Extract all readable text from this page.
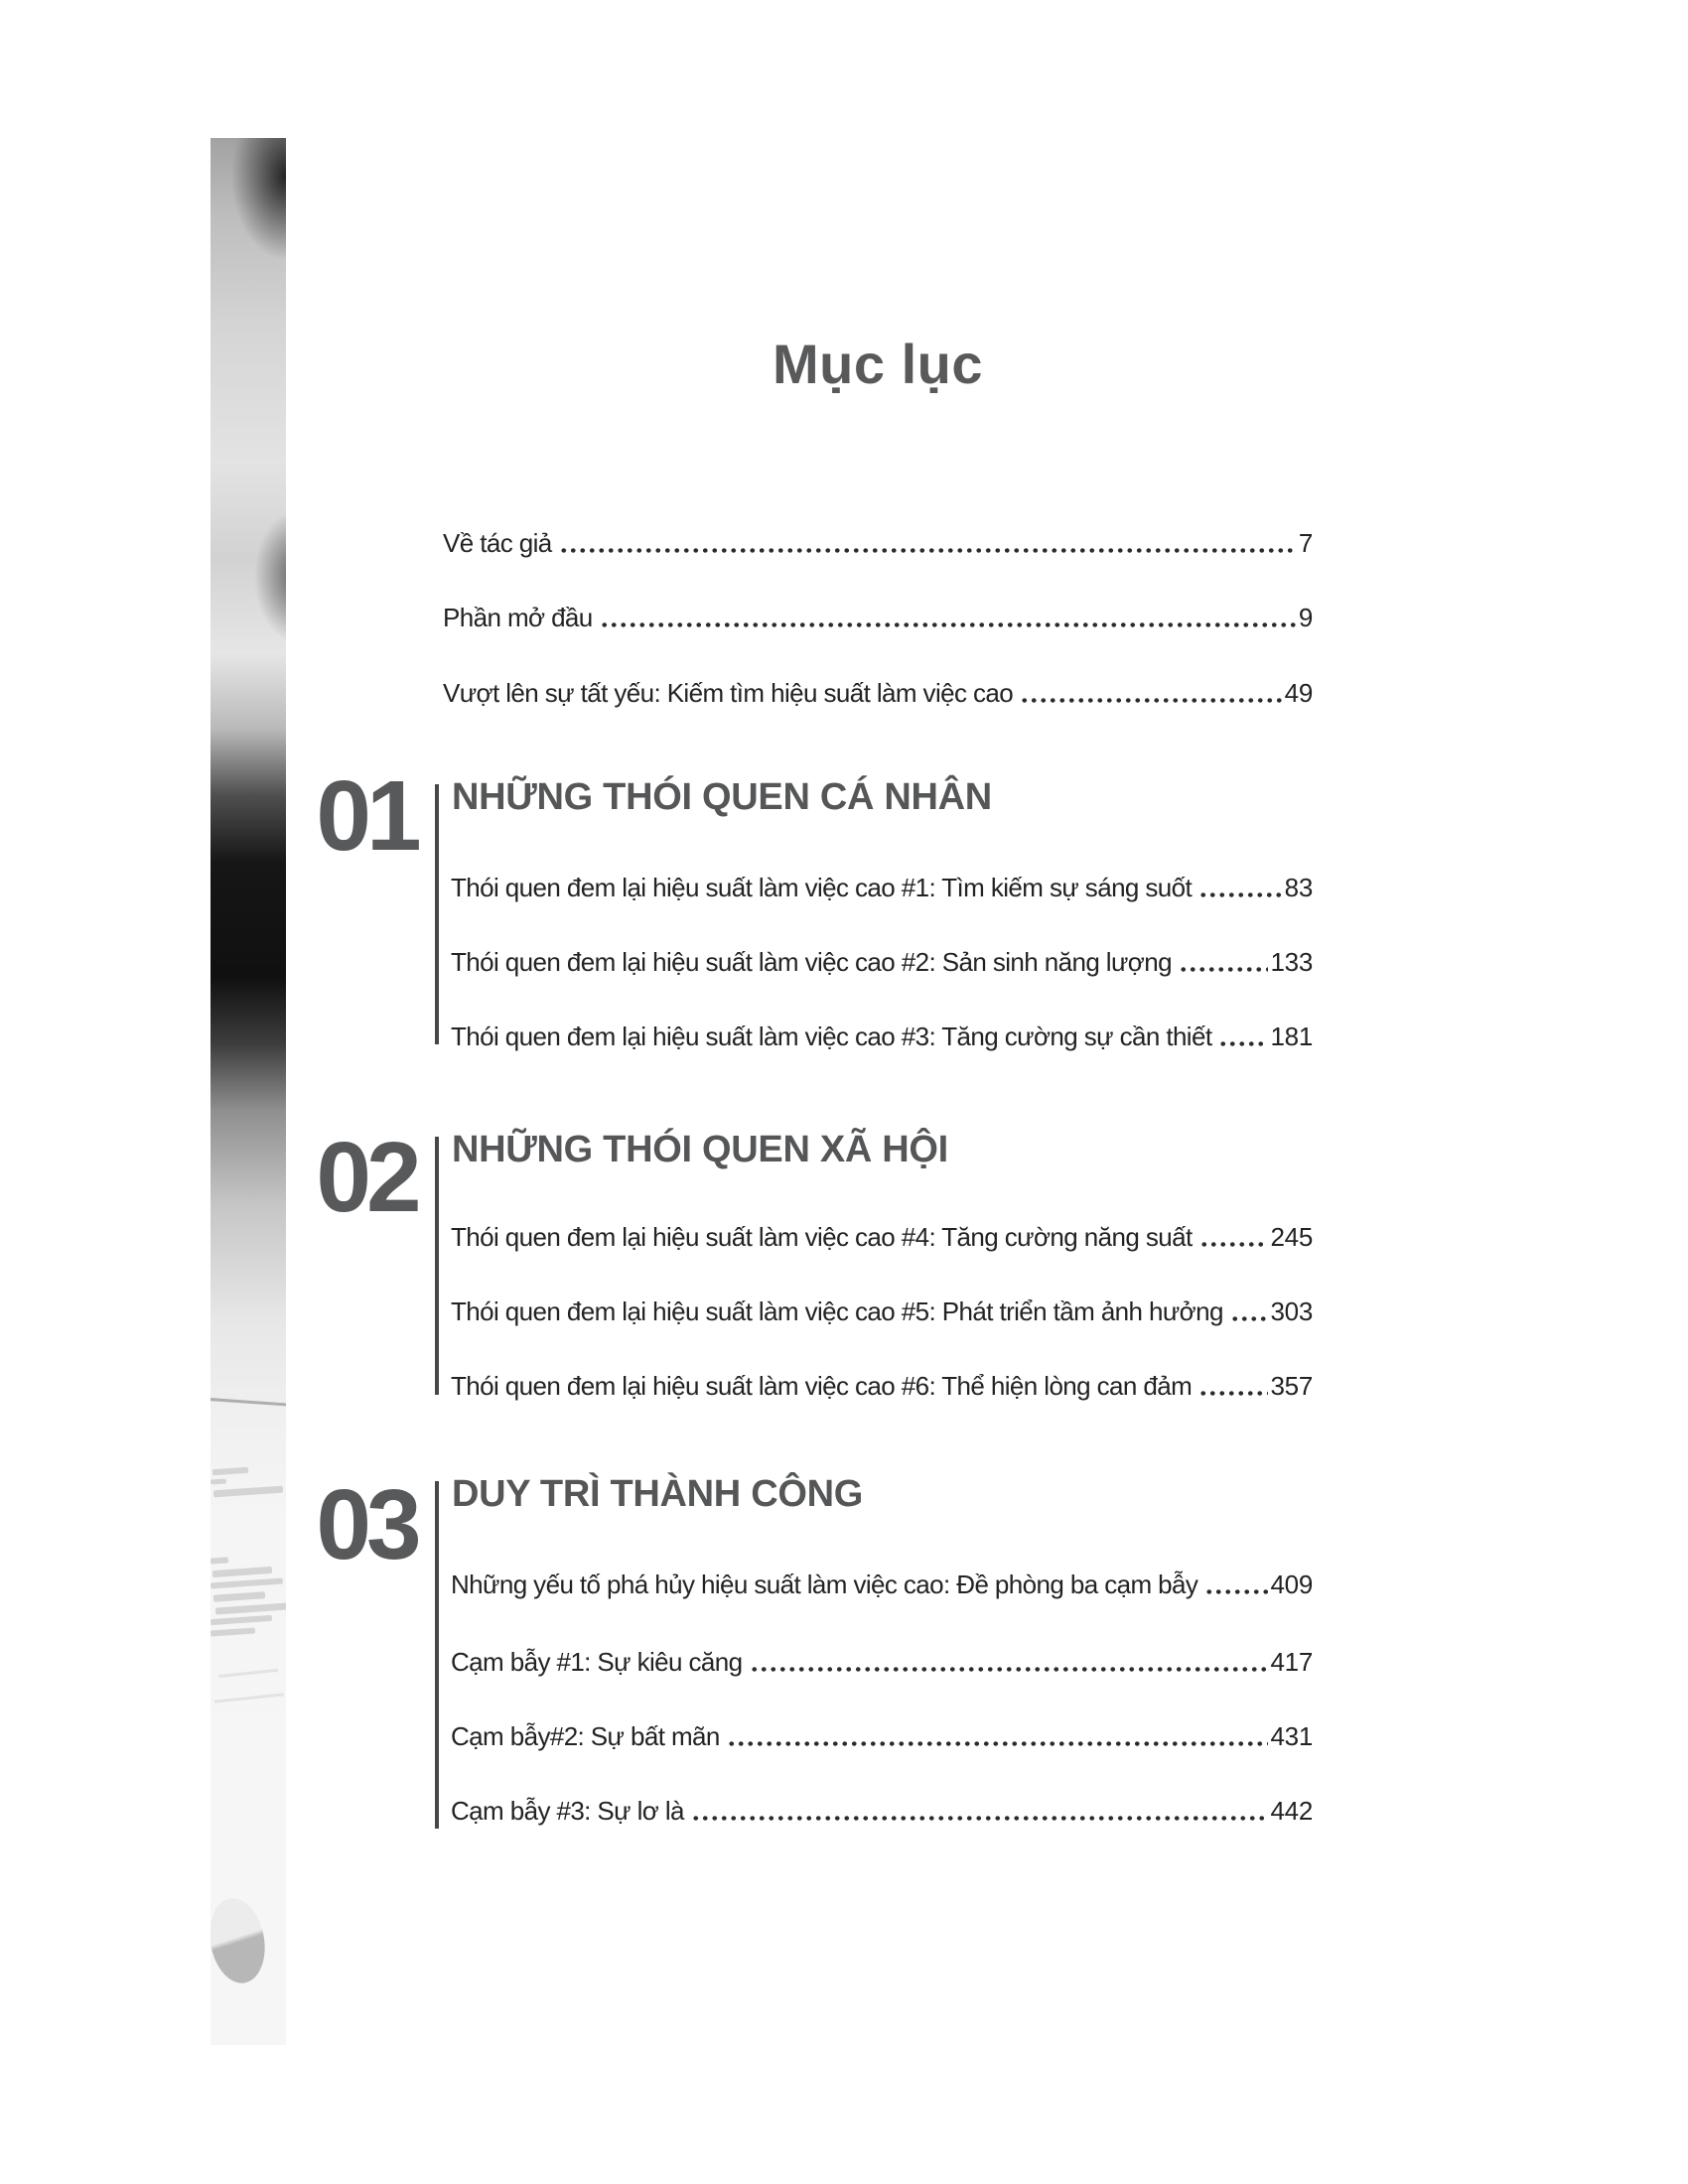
Mục lục
Về tác giả	7
Phần mở đầu	9
Vượt lên sự tất yếu: Kiếm tìm hiệu suất làm việc cao	49
01 NHỮNG THÓI QUEN CÁ NHÂN
Thói quen đem lại hiệu suất làm việc cao #1: Tìm kiếm sự sáng suốt	83
Thói quen đem lại hiệu suất làm việc cao #2: Sản sinh năng lượng	133
Thói quen đem lại hiệu suất làm việc cao #3: Tăng cường sự cần thiết 181
02 NHỮNG THÓI QUEN XÃ HỘI
Thói quen đem lại hiệu suất làm việc cao #4: Tăng cường năng suất	245
Thói quen đem lại hiệu suất làm việc cao #5: Phát triển tầm ảnh hưởng 303
Thói quen đem lại hiệu suất làm việc cao #6: Thể hiện lòng can đảm	357
03 DUY TRÌ THÀNH CÔNG
Những yếu tố phá hủy hiệu suất làm việc cao: Đề phòng ba cạm bẫy	409
Cạm bẫy #1: Sự kiêu căng	417
Cạm bẫy#2: Sự bất mãn	431
Cạm bẫy #3: Sự lơ là	442
